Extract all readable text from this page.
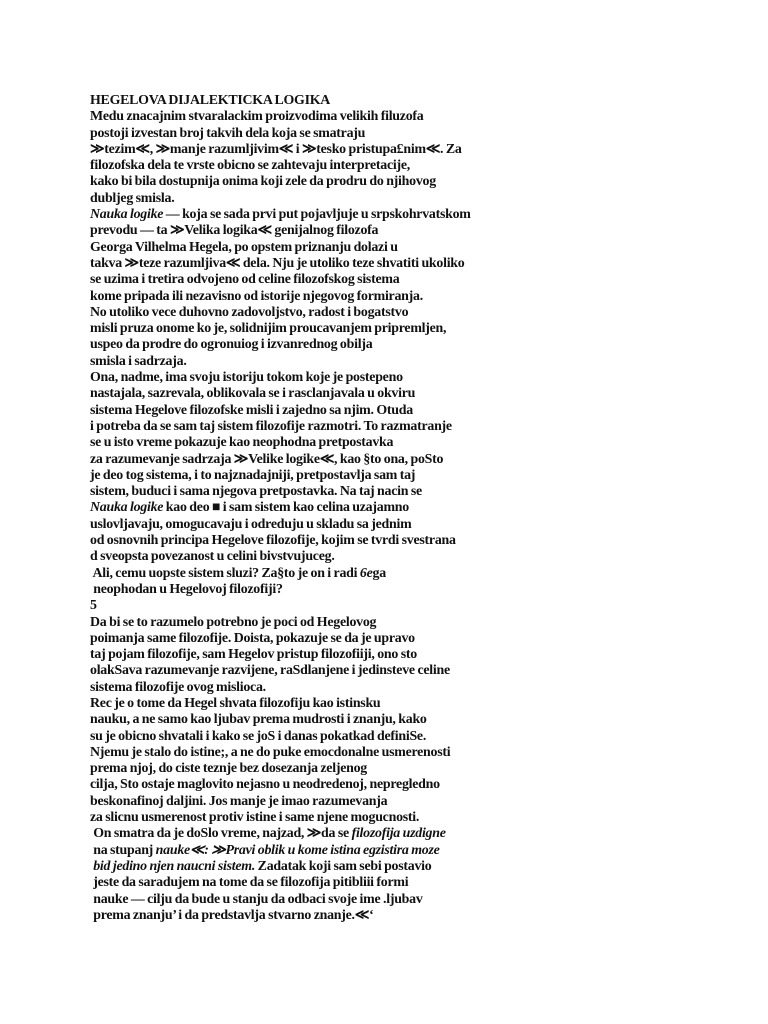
HEGELOVA DIJALEKTICKA LOGIKA
Medu znacajnim stvaralackim proizvodima velikih filuzofa
postoji izvestan broj takvih dela koja se smatraju
≫tezim≪, ≫manje razumljivim≪ i ≫tesko pristupa£nim≪. Za
filozofska dela te vrste obicno se zahtevaju interpretacije,
kako bi bila dostupnija onima koji zele da prodru do njihovog
dubljeg smisla.
Nauka logike — koja se sada prvi put pojavljuje u srpskohrvatskom
prevodu — ta ≫Velika logika≪ genijalnog filozofa
Georga Vilhelma Hegela, po opstem priznanju dolazi u
takva ≫teze razumljiva≪ dela. Nju je utoliko teze shvatiti ukoliko
se uzima i tretira odvojeno od celine filozofskog sistema
kome pripada ili nezavisno od istorije njegovog formiranja.
No utoliko vece duhovno zadovoljstvo, radost i bogatstvo
misli pruza onome ko je, solidnijim proucavanjem pripremljen,
uspeo da prodre do ogronuiog i izvanrednog obilja
smisla i sadrzaja.
Ona, nadme, ima svoju istoriju tokom koje je postepeno
nastajala, sazrevala, oblikovala se i rasclanjavala u okviru
sistema Hegelove filozofske misli i zajedno sa njim. Otuda
i potreba da se sam taj sistem filozofije razmotri. To razmatranje
se u isto vreme pokazuje kao neophodna pretpostavka
za razumevanje sadrzaja ≫Velike logike≪, kao §to ona, poSto
je deo tog sistema, i to najznadajniji, pretpostavlja sam taj
sistem, buduci i sama njegova pretpostavka. Na taj nacin se
Nauka logike kao deo ■ i sam sistem kao celina uzajamno
uslovljavaju, omogucavaju i odreduju u skladu sa jednim
od osnovnih principa Hegelove filozofije, kojim se tvrdi svestrana
d sveopsta povezanost u celini bivstvujuceg.
Ali, cemu uopste sistem sluzi? Za§to je on i radi 6ega
neophodan u Hegelovoj filozofiji?
5
Da bi se to razumelo potrebno je poci od Hegelovog
poimanja same filozofije. Doista, pokazuje se da je upravo
taj pojam filozofije, sam Hegelov pristup filozofiiji, ono sto
olakSava razumevanje razvijene, raSdlanjene i jedinsteve celine
sistema filozofije ovog mislioca.
Rec je o tome da Hegel shvata filozofiju kao istinsku
nauku, a ne samo kao ljubav prema mudrosti i znanju, kako
su je obicno shvatali i kako se joS i danas pokatkad definiSe.
Njemu je stalo do istine;, a ne do puke emocdonalne usmerenosti
prema njoj, do ciste teznje bez dosezanja zeljenog
cilja, Sto ostaje maglovito nejasno u neodredenoj, nepregledno
beskonafinoj daljini. Jos manje je imao razumevanja
za slicnu usmerenost protiv istine i same njene mogucnosti.
On smatra da je doSlo vreme, najzad, ≫da se filozofija uzdigne
na stupanj nauke≪: ≫Pravi oblik u kome istina egzistira moze
bid jedino njen naucni sistem. Zadatak koji sam sebi postavio
jeste da saradujem na tome da se filozofija pitibliii formi
nauke — cilju da bude u stanju da odbaci svoje ime .ljubav
prema znanju’ i da predstavlja stvarno znanje.≪‘
